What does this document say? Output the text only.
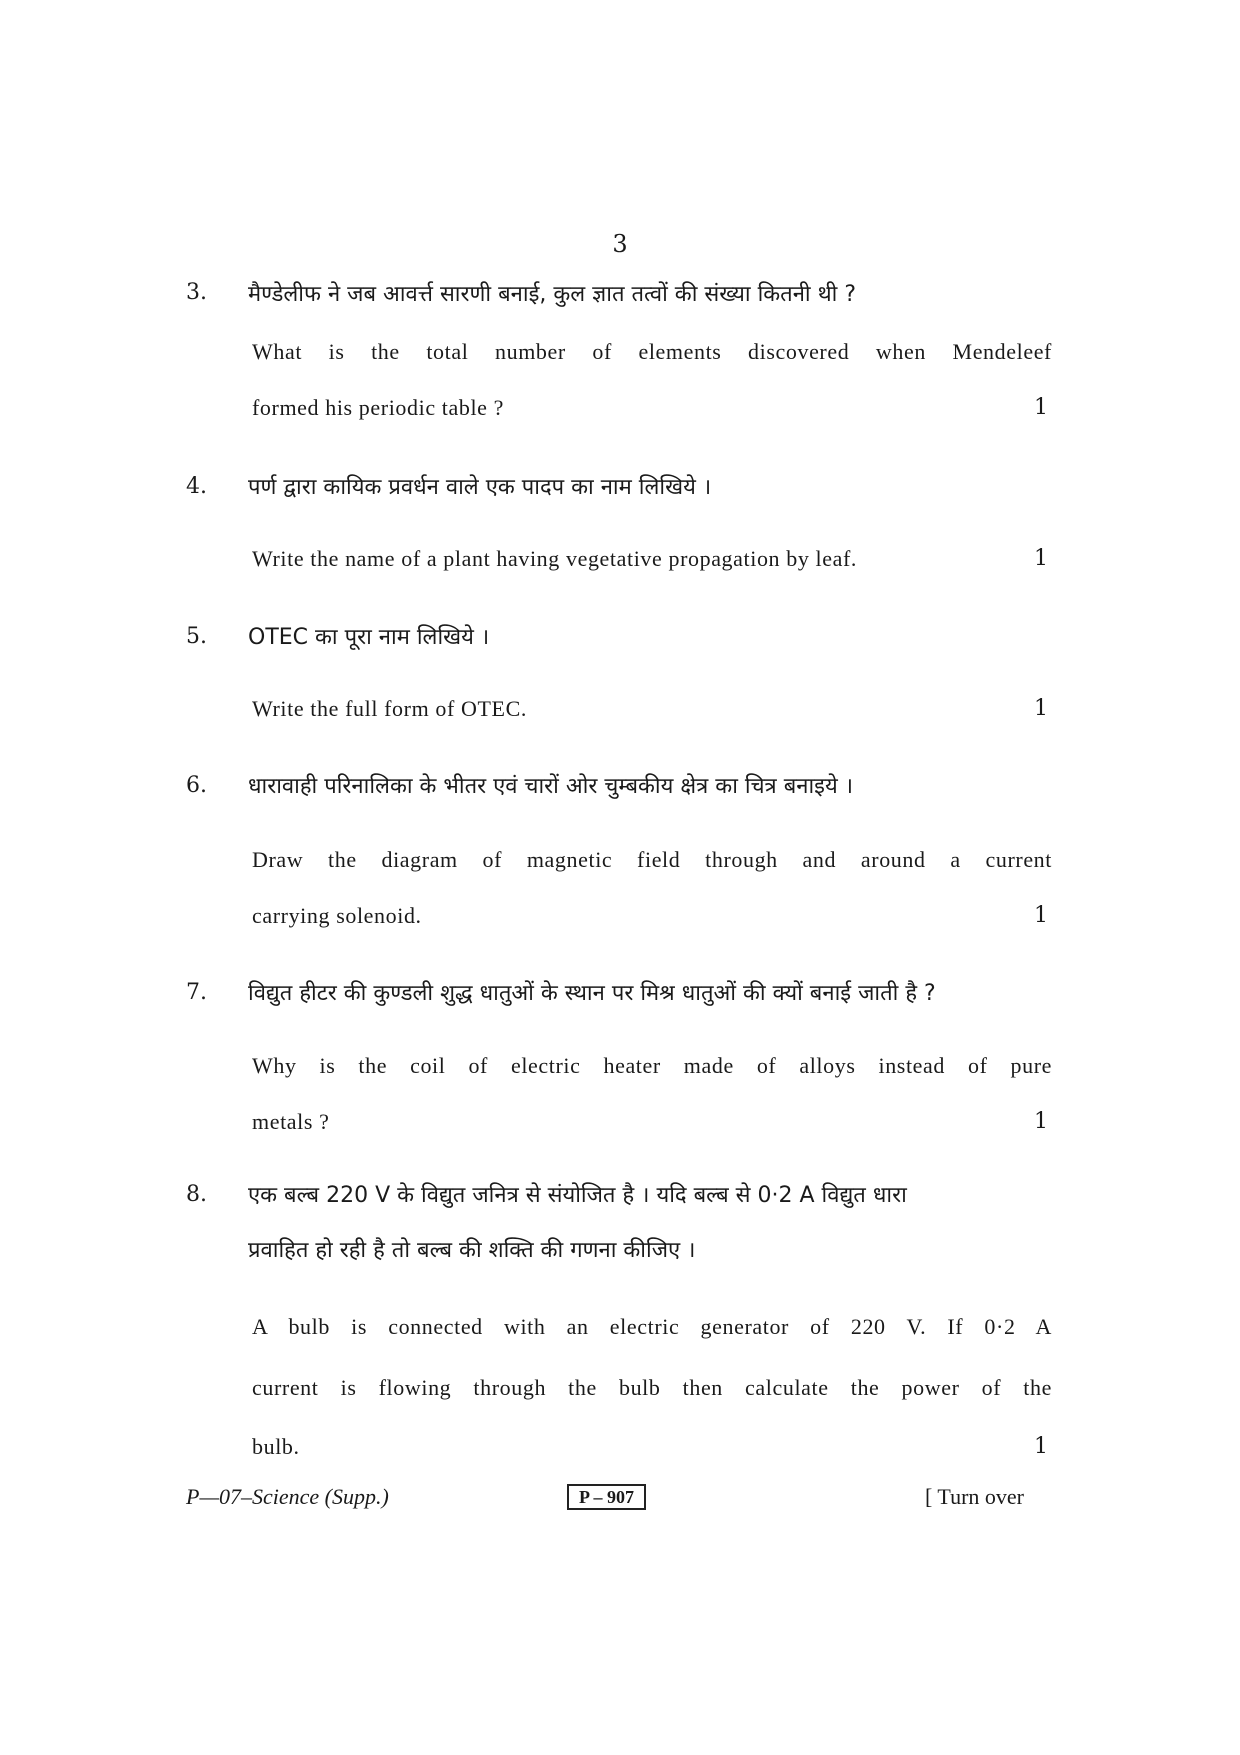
3
3. मैण्डेलीफ ने जब आवर्त्त सारणी बनाई, कुल ज्ञात तत्वों की संख्या कितनी थी ?
What is the total number of elements discovered when Mendeleef
formed his periodic table ?	1
4. पर्ण द्वारा कायिक प्रवर्धन वाले एक पादप का नाम लिखिये ।
Write the name of a plant having vegetative propagation by leaf.	1
5. OTEC का पूरा नाम लिखिये ।
Write the full form of OTEC.	1
6. धारावाही परिनालिका के भीतर एवं चारों ओर चुम्बकीय क्षेत्र का चित्र बनाइये ।
Draw the diagram of magnetic field through and around a current
carrying solenoid.	1
7. विद्युत हीटर की कुण्डली शुद्ध धातुओं के स्थान पर मिश्र धातुओं की क्यों बनाई जाती है ?
Why is the coil of electric heater made of alloys instead of pure
metals ?	1
8. एक बल्ब 220 V के विद्युत जनित्र से संयोजित है । यदि बल्ब से 0·2 A विद्युत धारा
प्रवाहित हो रही है तो बल्ब की शक्ति की गणना कीजिए ।
A bulb is connected with an electric generator of 220 V. If 0·2 A
current is flowing through the bulb then calculate the power of the
bulb.	1
P—07–Science (Supp.)	P – 907	[ Turn over
